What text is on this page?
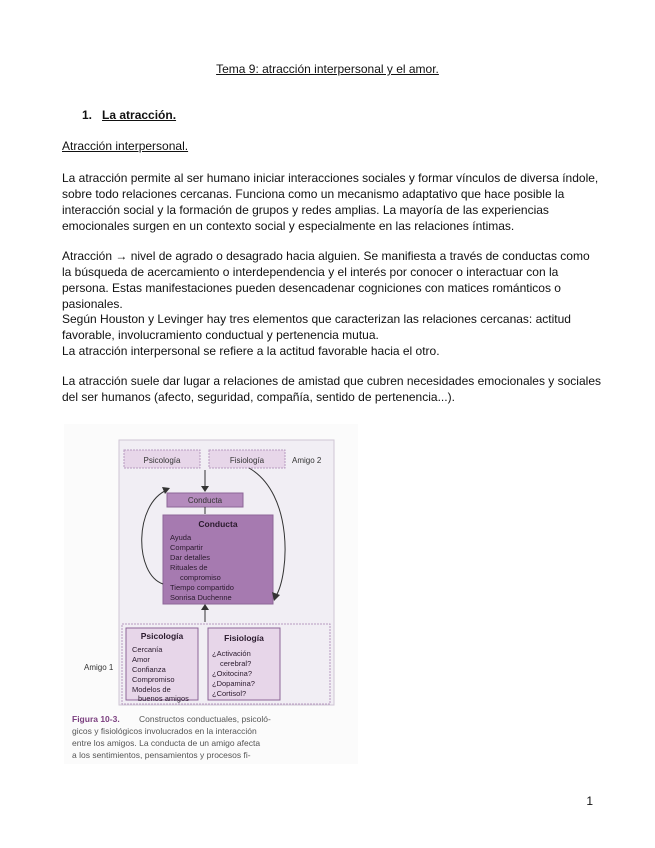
Tema 9: atracción interpersonal y el amor.
1. La atracción.
Atracción interpersonal.

La atracción permite al ser humano iniciar interacciones sociales y formar vínculos de diversa índole, sobre todo relaciones cercanas. Funciona como un mecanismo adaptativo que hace posible la interacción social y la formación de grupos y redes amplias. La mayoría de las experiencias emocionales surgen en un contexto social y especialmente en las relaciones íntimas.

Atracción → nivel de agrado o desagrado hacia alguien. Se manifiesta a través de conductas como la búsqueda de acercamiento o interdependencia y el interés por conocer o interactuar con la persona. Estas manifestaciones pueden desencadenar cogniciones con matices románticos o pasionales.

Según Houston y Levinger hay tres elementos que caracterizan las relaciones cercanas: actitud favorable, involucramiento conductual y pertenencia mutua.
La atracción interpersonal se refiere a la actitud favorable hacia el otro.

La atracción suele dar lugar a relaciones de amistad que cubren necesidades emocionales y sociales del ser humanos (afecto, seguridad, compañía, sentido de pertenencia...).

Psicología	Fisiología	Amigo 2
Conducta
Conducta
Ayuda
Compartir
Dar detalles
Rituales de
compromiso
Tiempo compartido
Sonrisa Duchenne
Amigo 1
Psicología
Cercanía
Amor
Confianza
Compromiso
Modelos de
buenos amigos
Fisiología
¿Activación
cerebral?
¿Oxitocina?
¿Dopamina?
¿Cortisol?
Figura 10-3. Constructos conductuales, psicoló-
gicos y fisiológicos involucrados en la interacción
entre los amigos. La conducta de un amigo afecta
a los sentimientos, pensamientos y procesos fi-
1
